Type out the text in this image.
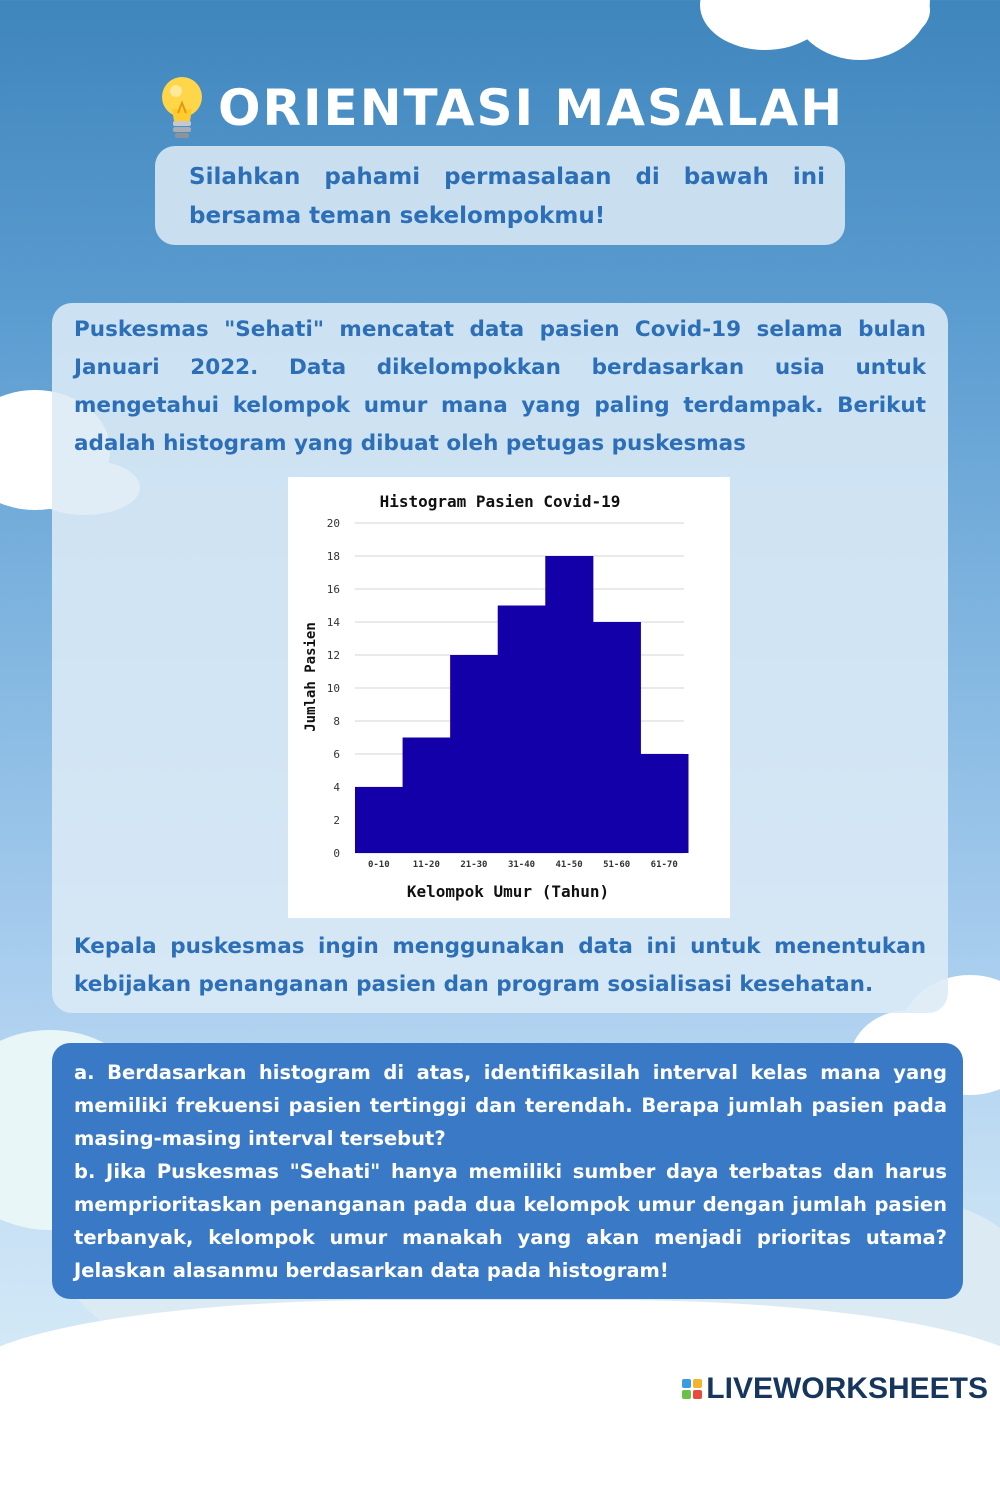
ORIENTASI MASALAH
Silahkan pahami permasalaan di bawah ini bersama teman sekelompokmu!
Puskesmas "Sehati" mencatat data pasien Covid-19 selama bulan Januari 2022. Data dikelompokkan berdasarkan usia untuk mengetahui kelompok umur mana yang paling terdampak. Berikut adalah histogram yang dibuat oleh petugas puskesmas
0
2
4
6
8
10
12
14
16
18
20
0-10	11-20 21-30 31-40 41-50 51-60 61-70
Histogram Pasien Covid-19
Kelompok Umur (Tahun)
Jumlah Pasien
Kepala puskesmas ingin menggunakan data ini untuk menentukan kebijakan penanganan pasien dan program sosialisasi kesehatan.

a. Berdasarkan histogram di atas, identifikasilah interval kelas mana yang memiliki frekuensi pasien tertinggi dan terendah. Berapa jumlah pasien pada masing-masing interval tersebut?

b. Jika Puskesmas "Sehati" hanya memiliki sumber daya terbatas dan harus memprioritaskan penanganan pada dua kelompok umur dengan jumlah pasien terbanyak, kelompok umur manakah yang akan menjadi prioritas utama? Jelaskan alasanmu berdasarkan data pada histogram!

LIVEWORKSHEETS
